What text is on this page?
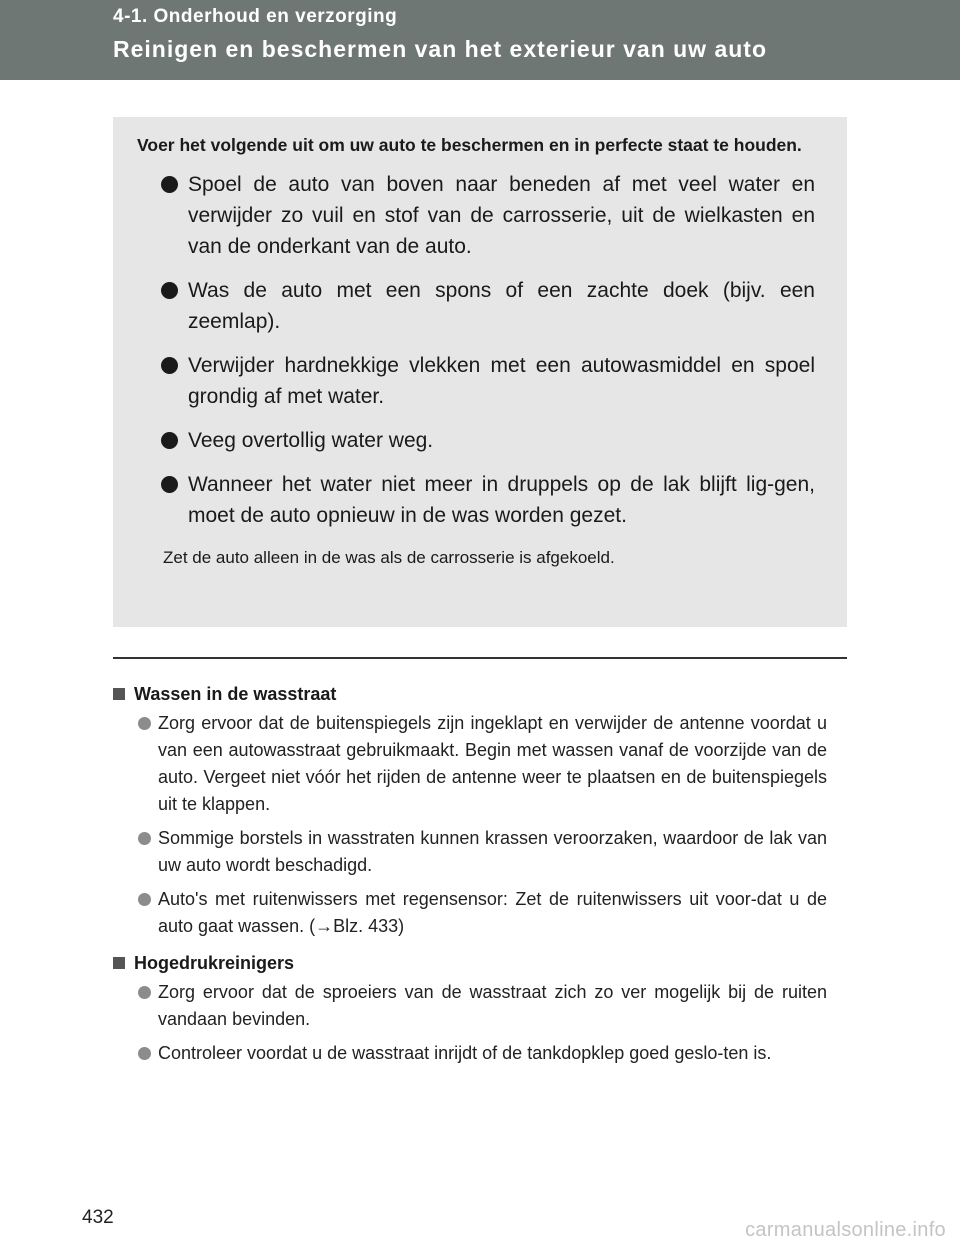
4-1. Onderhoud en verzorging
Reinigen en beschermen van het exterieur van uw auto

Voer het volgende uit om uw auto te beschermen en in perfecte staat te houden.

Spoel de auto van boven naar beneden af met veel water en verwijder zo vuil en stof van de carrosserie, uit de wielkasten en van de onderkant van de auto.
Was de auto met een spons of een zachte doek (bijv. een zeemlap).
Verwijder hardnekkige vlekken met een autowasmiddel en spoel grondig af met water.
Veeg overtollig water weg.
Wanneer het water niet meer in druppels op de lak blijft lig-gen, moet de auto opnieuw in de was worden gezet.

Zet de auto alleen in de was als de carrosserie is afgekoeld.

Wassen in de wasstraat
Zorg ervoor dat de buitenspiegels zijn ingeklapt en verwijder de antenne voordat u van een autowasstraat gebruikmaakt. Begin met wassen vanaf de voorzijde van de auto. Vergeet niet vóór het rijden de antenne weer te plaatsen en de buitenspiegels uit te klappen.
Sommige borstels in wasstraten kunnen krassen veroorzaken, waardoor de lak van uw auto wordt beschadigd.
Auto's met ruitenwissers met regensensor: Zet de ruitenwissers uit voor-dat u de auto gaat wassen. (→Blz. 433)
Hogedrukreinigers
Zorg ervoor dat de sproeiers van de wasstraat zich zo ver mogelijk bij de ruiten vandaan bevinden.
Controleer voordat u de wasstraat inrijdt of de tankdopklep goed geslo-ten is.
432
carmanualsonline.info
